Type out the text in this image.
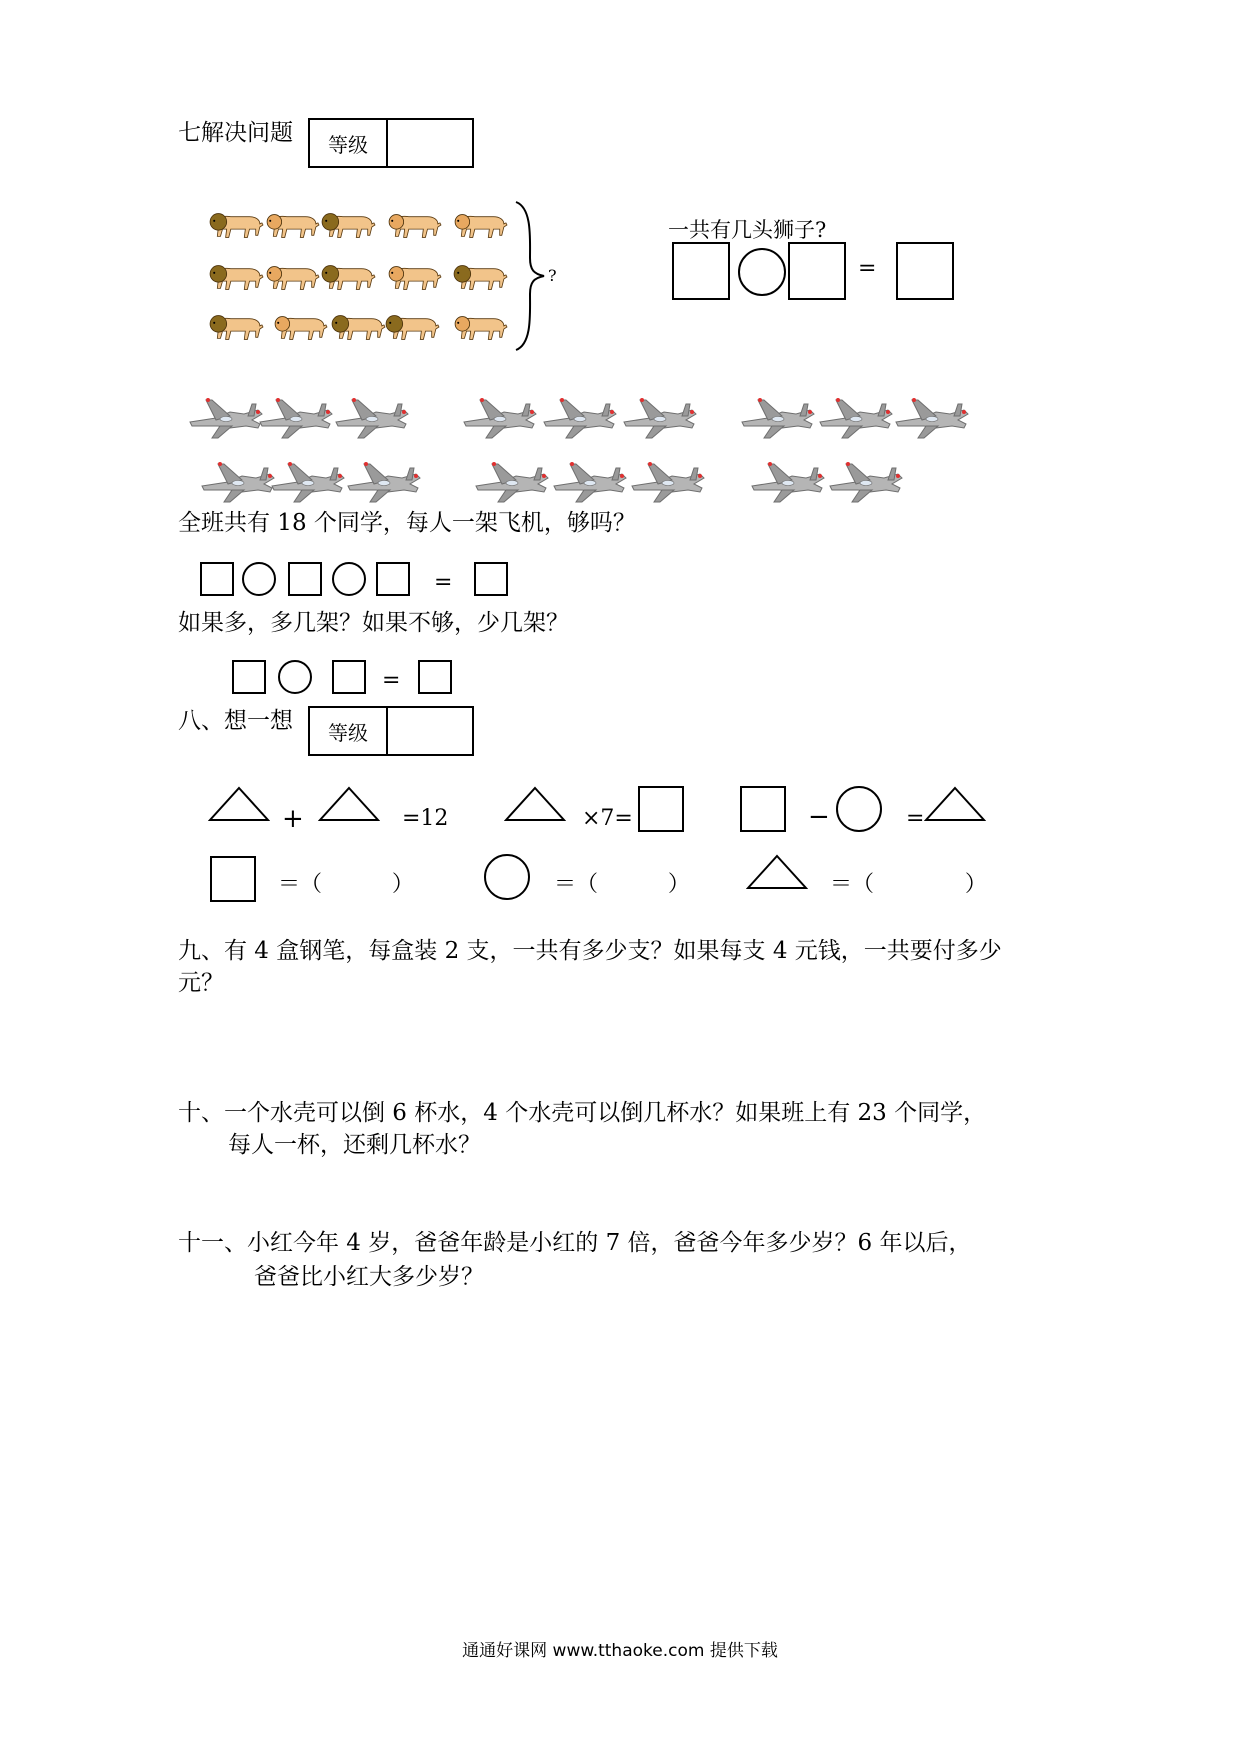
七解决问题	等级
?
一共有几头狮子?
=
全班共有 18 个同学，每人一架飞机，够吗？
=
如果多，多几架？如果不够，少几架？
=
八、想一想	等级
+	=12	×7=	−	=
＝（          ）	＝（          ）	＝（             ）
九、有 4 盒钢笔，每盒装 2 支，一共有多少支？如果每支 4 元钱，一共要付多少
元？
十、一个水壳可以倒 6 杯水，4 个水壳可以倒几杯水？如果班上有 23 个同学，
每人一杯，还剩几杯水？
十一、小红今年 4 岁，爸爸年龄是小红的 7 倍，爸爸今年多少岁？6 年以后，
爸爸比小红大多少岁？
通通好课网 www.tthaoke.com 提供下载
